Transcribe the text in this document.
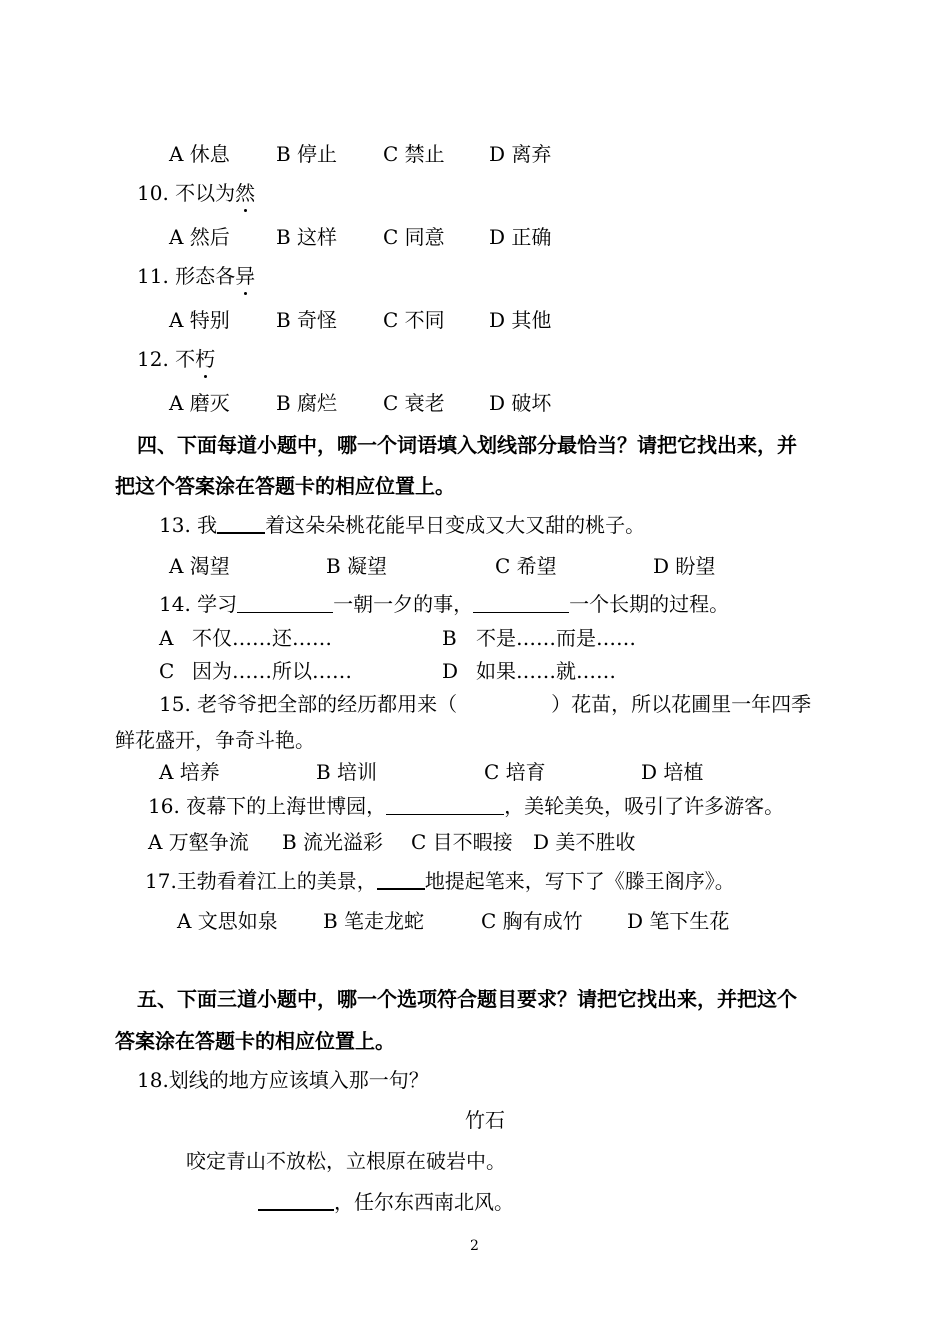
A 休息 B 停止 C 禁止 D 离弃
10. 不以为然
A 然后 B 这样 C 同意 D 正确
11. 形态各异
A 特别 B 奇怪 C 不同 D 其他
12. 不朽
A 磨灭 B 腐烂 C 衰老 D 破坏
四、下面每道小题中，哪一个词语填入划线部分最恰当？请把它找出来，并
把这个答案涂在答题卡的相应位置上。
13. 我 着这朵朵桃花能早日变成又大又甜的桃子。
A 渴望	B 凝望	C 希望	D 盼望
14. 学习	一朝一夕的事，	一个长期的过程。
A 不仅……还……	B 不是……而是……
C 因为……所以……	D 如果……就……
15. 老爷爷把全部的经历都用来（	）花苗，所以花圃里一年四季
鲜花盛开，争奇斗艳。
A 培养	B 培训	C 培育	D 培植
16. 夜幕下的上海世博园，	，美轮美奂，吸引了许多游客。
A 万壑争流 B 流光溢彩 C 目不暇接 D 美不胜收
17.王勃看着江上的美景， 地提起笔来，写下了《滕王阁序》。
A 文思如泉 B 笔走龙蛇	C 胸有成竹 D 笔下生花
五、下面三道小题中，哪一个选项符合题目要求？请把它找出来，并把这个
答案涂在答题卡的相应位置上。
18.划线的地方应该填入那一句？
竹石
咬定青山不放松，立根原在破岩中。
，任尔东西南北风。
2
